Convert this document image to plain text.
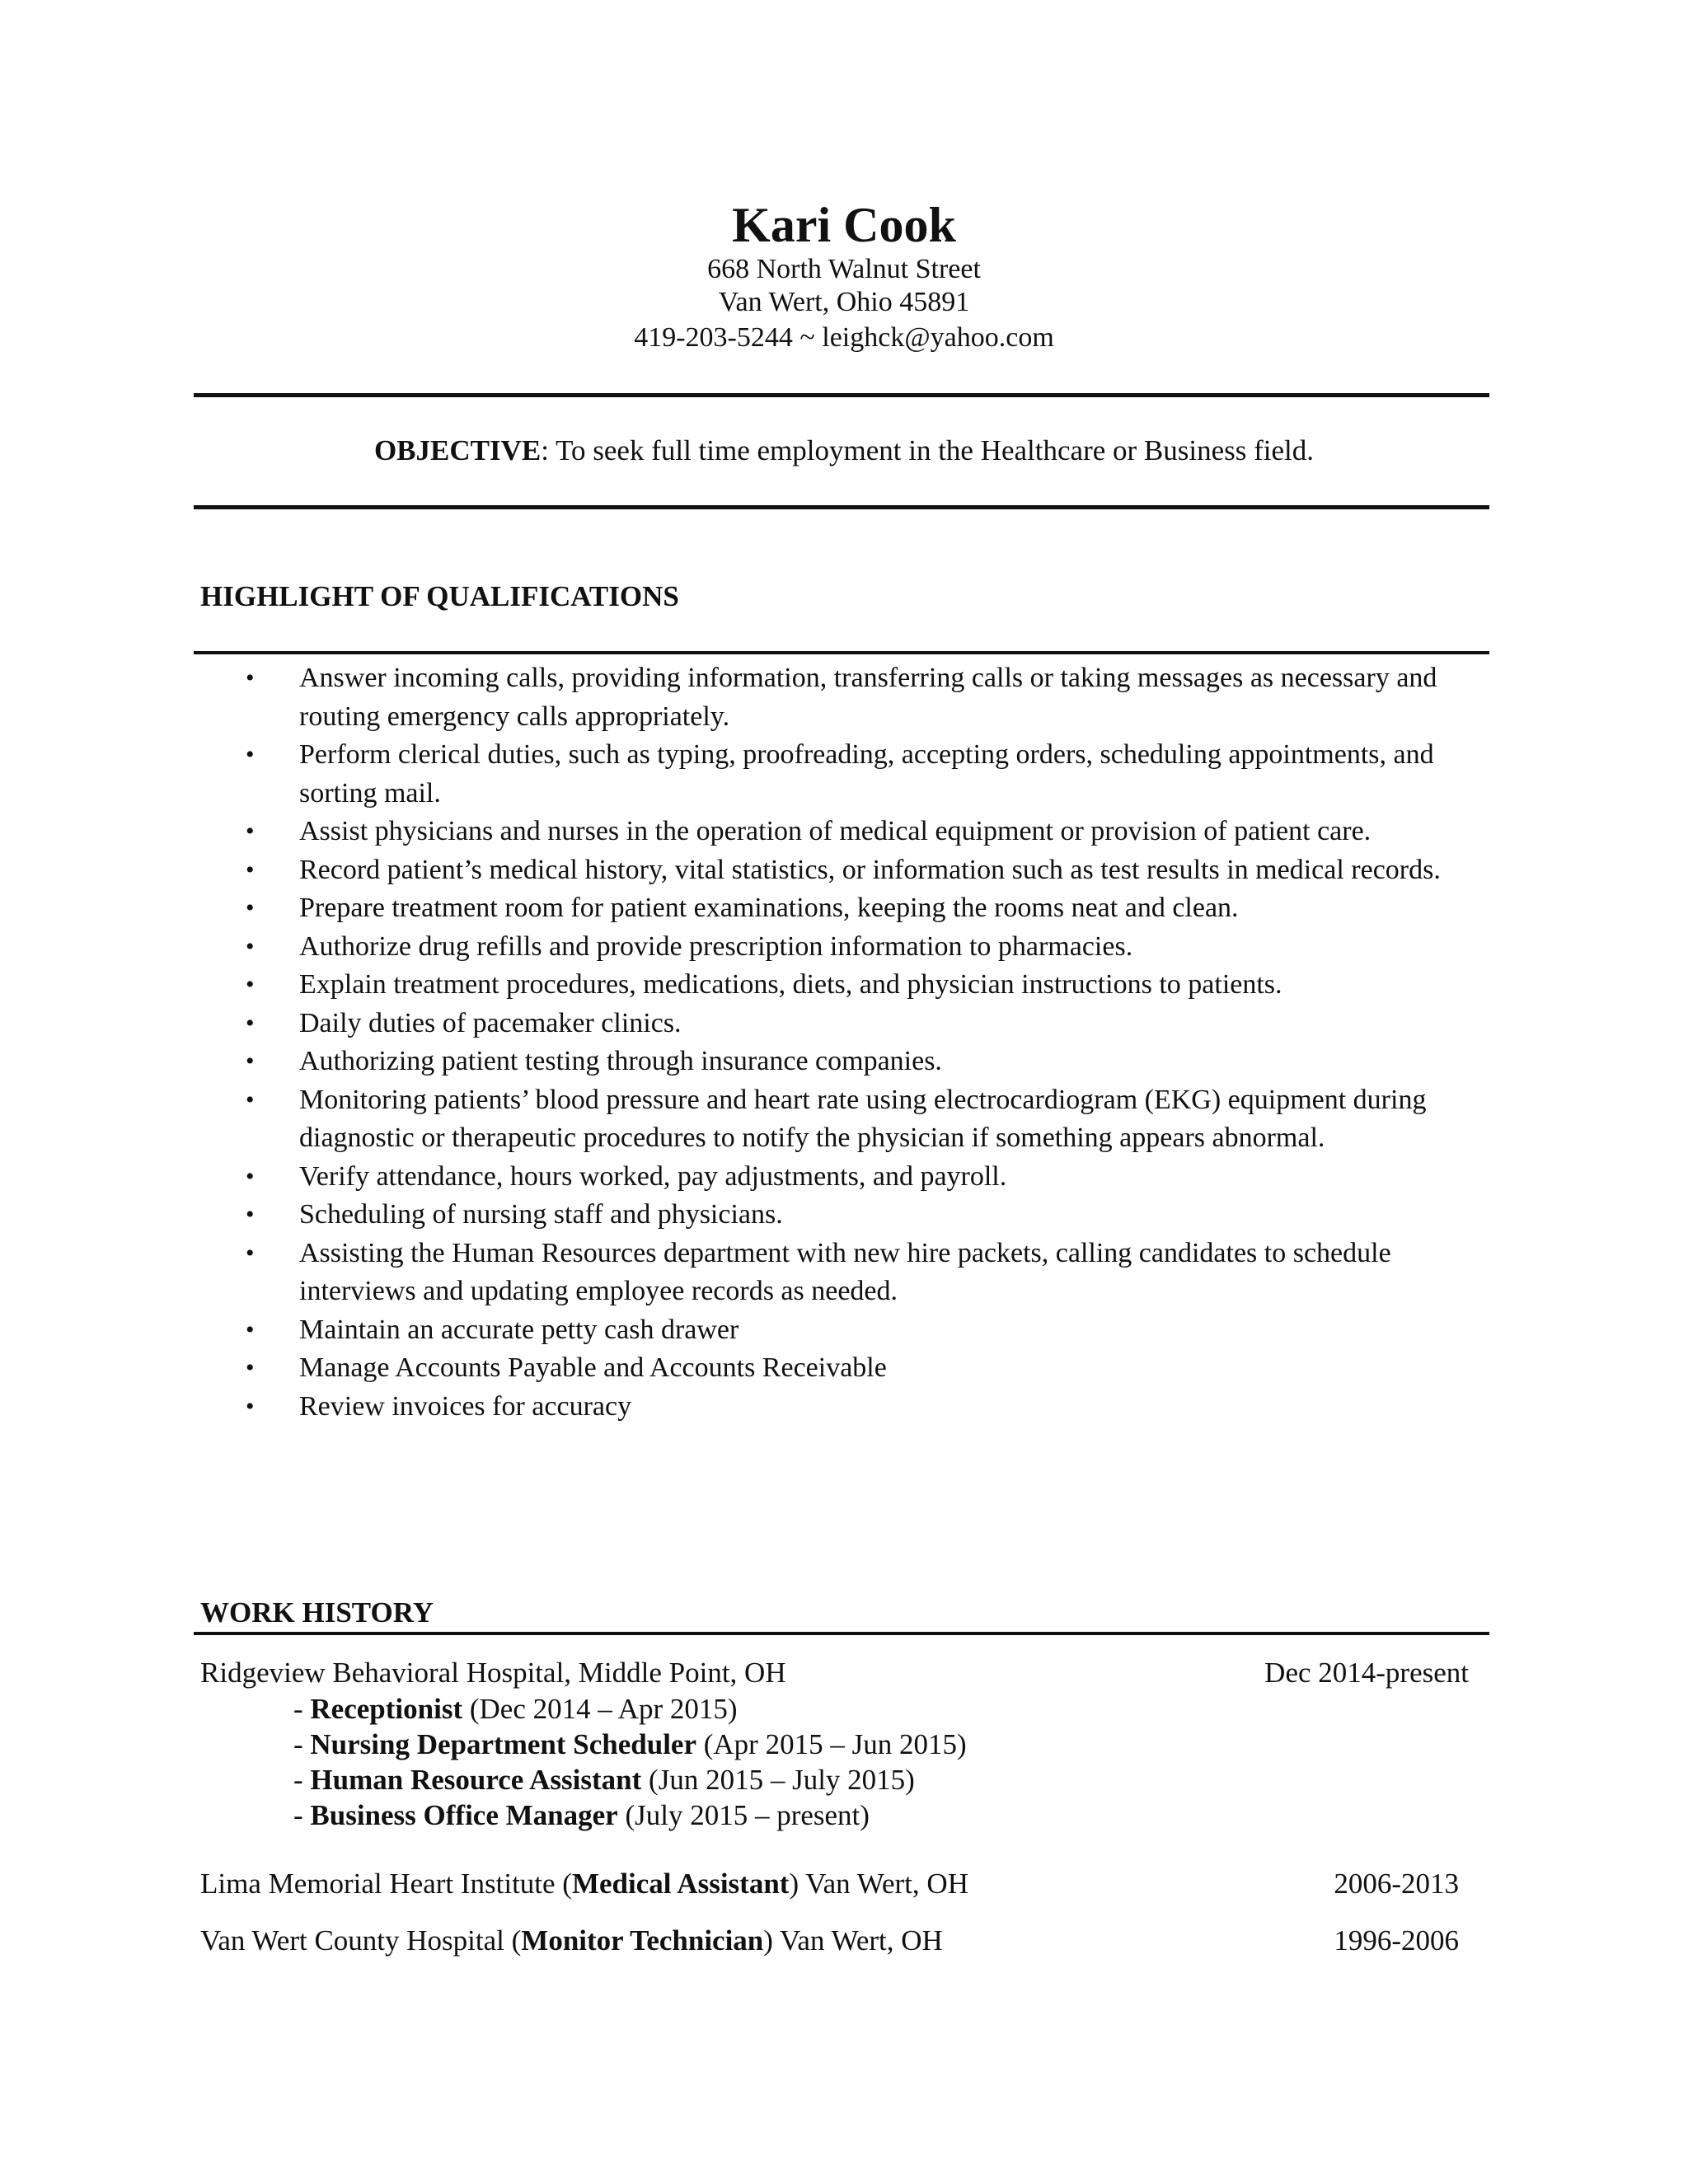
Kari Cook
668 North Walnut Street
Van Wert, Ohio 45891
419-203-5244 ~ leighck@yahoo.com
OBJECTIVE: To seek full time employment in the Healthcare or Business field.
HIGHLIGHT OF QUALIFICATIONS
• Answer incoming calls, providing information, transferring calls or taking messages as necessary and routing emergency calls appropriately.
• Perform clerical duties, such as typing, proofreading, accepting orders, scheduling appointments, and sorting mail.
• Assist physicians and nurses in the operation of medical equipment or provision of patient care.
• Record patient’s medical history, vital statistics, or information such as test results in medical records.
• Prepare treatment room for patient examinations, keeping the rooms neat and clean.
• Authorize drug refills and provide prescription information to pharmacies.
• Explain treatment procedures, medications, diets, and physician instructions to patients.
• Daily duties of pacemaker clinics.
• Authorizing patient testing through insurance companies.
• Monitoring patients’ blood pressure and heart rate using electrocardiogram (EKG) equipment during diagnostic or therapeutic procedures to notify the physician if something appears abnormal.
• Verify attendance, hours worked, pay adjustments, and payroll.
• Scheduling of nursing staff and physicians.
• Assisting the Human Resources department with new hire packets, calling candidates to schedule interviews and updating employee records as needed.
• Maintain an accurate petty cash drawer
• Manage Accounts Payable and Accounts Receivable
• Review invoices for accuracy
WORK HISTORY
Ridgeview Behavioral Hospital, Middle Point, OH	Dec 2014-present
- Receptionist (Dec 2014 – Apr 2015)
- Nursing Department Scheduler (Apr 2015 – Jun 2015)
- Human Resource Assistant (Jun 2015 – July 2015)
- Business Office Manager (July 2015 – present)
Lima Memorial Heart Institute (Medical Assistant) Van Wert, OH	2006-2013
Van Wert County Hospital (Monitor Technician) Van Wert, OH	1996-2006
